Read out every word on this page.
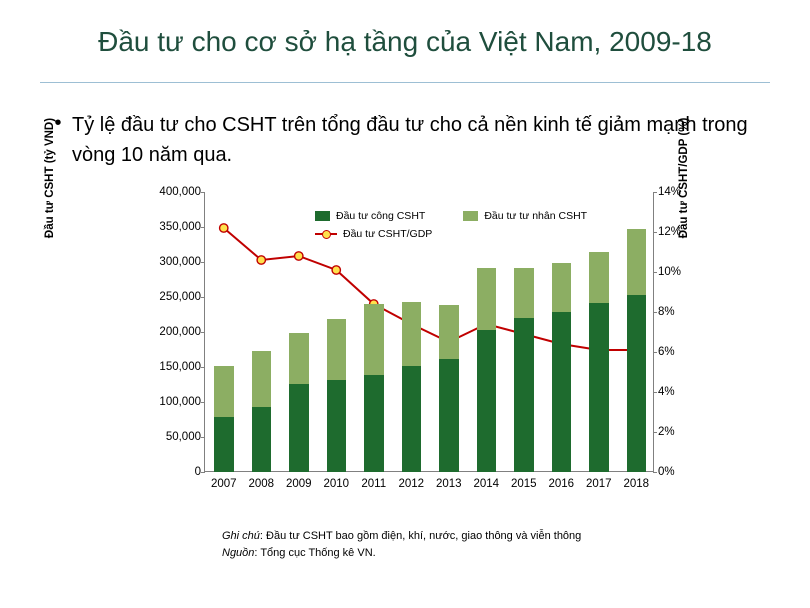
Đầu tư cho cơ sở hạ tầng của Việt Nam, 2009-18
• Tỷ lệ đầu tư cho CSHT trên tổng đầu tư cho cả nền kinh tế giảm mạnh trong vòng 10 năm qua.
Đầu tư CSHT (tỷ VND)	Đầu tư CSHT/GDP (%)
Đầu tư công CSHT	Đầu tư tư nhân CSHT
Đầu tư CSHT/GDP
0
50,000
100,000
150,000
200,000
250,000
300,000
350,000
400,000
0%
2%
4%
6%
8%
10%
12%
14%
2007 2008 2009 2010 2011 2012 2013 2014 2015 2016 2017 2018
Ghi chú: Đầu tư CSHT bao gồm điện, khí, nước, giao thông và viễn thông
Nguồn: Tổng cục Thống kê VN.
